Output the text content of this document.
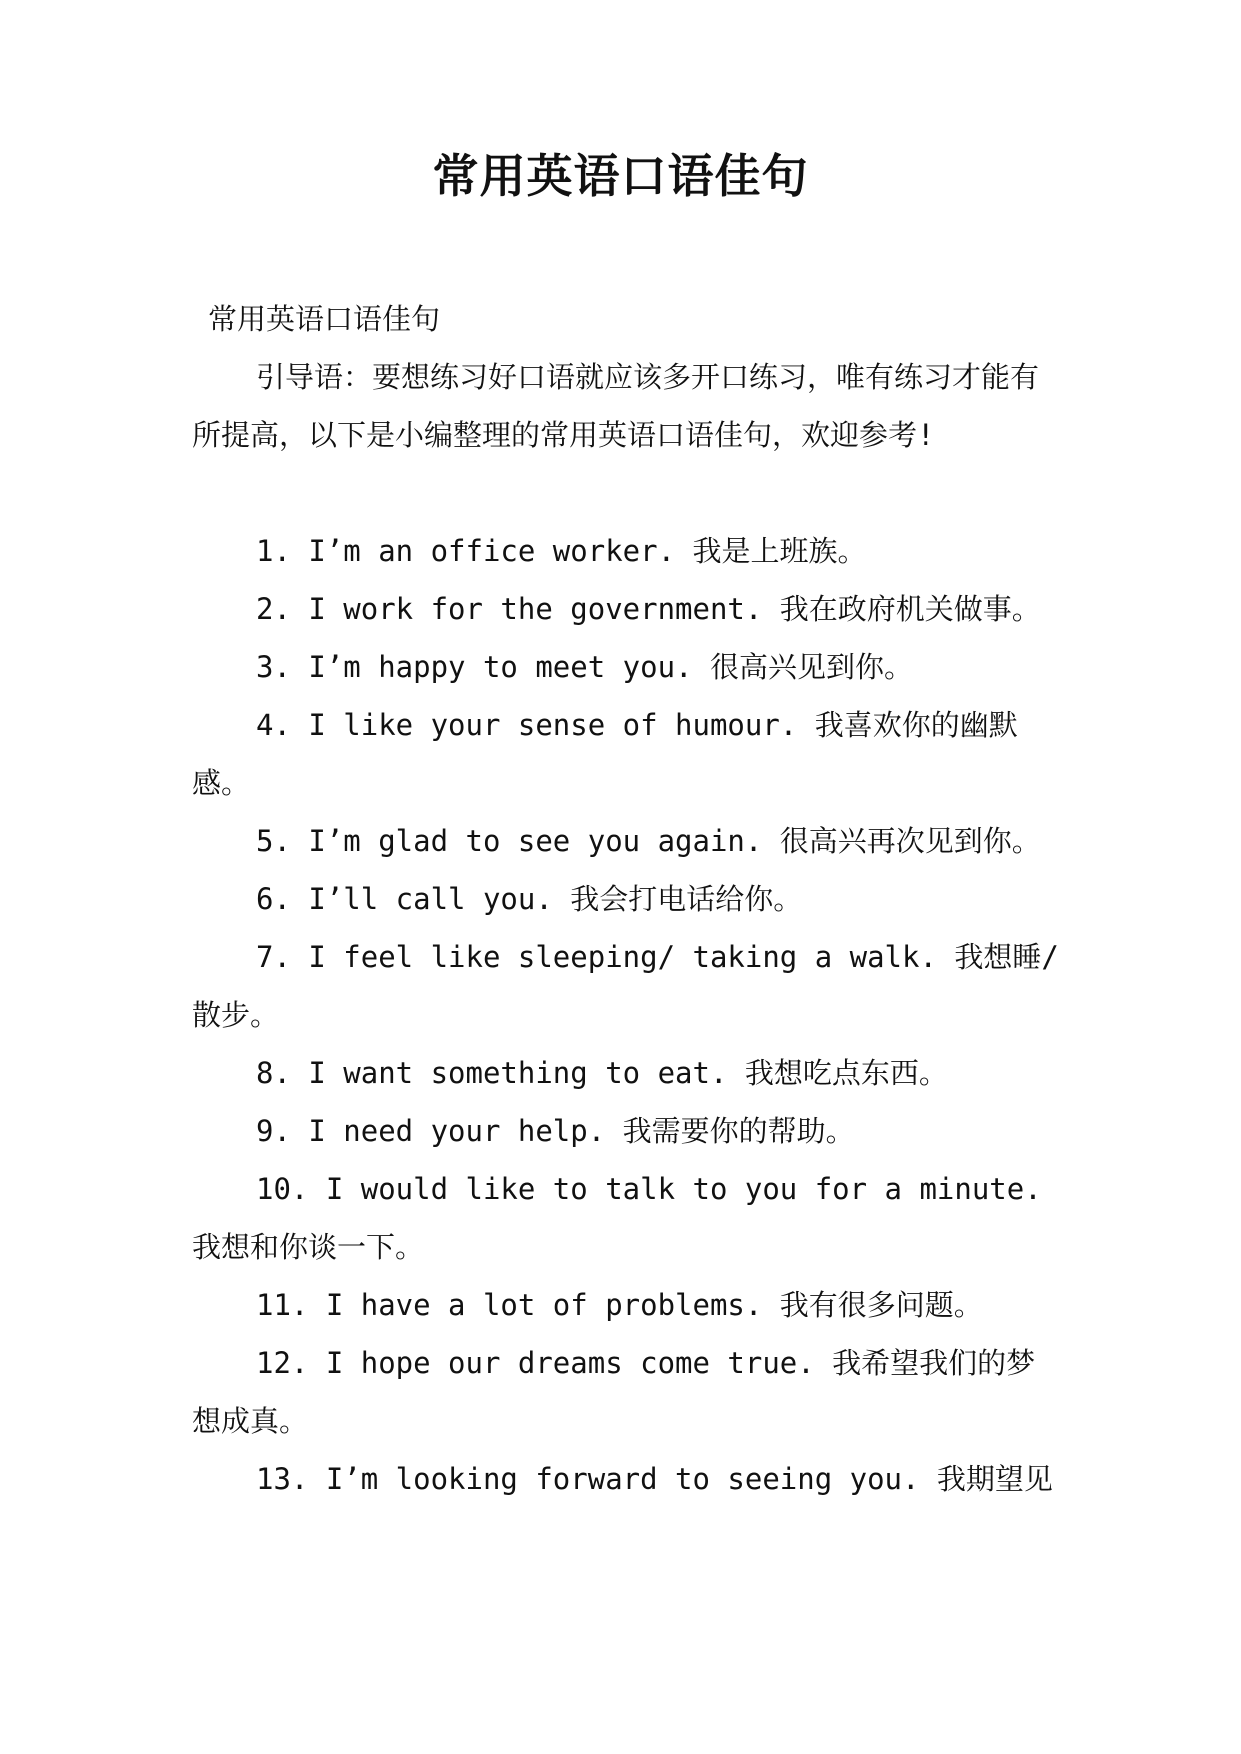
常用英语口语佳句

常用英语口语佳句

引导语：要想练习好口语就应该多开口练习，唯有练习才能有所提高，以下是小编整理的常用英语口语佳句，欢迎参考!

1. I’m an office worker. 我是上班族。

2. I work for the government. 我在政府机关做事。

3. I’m happy to meet you. 很高兴见到你。

4. I like your sense of humour. 我喜欢你的幽默感。

5. I’m glad to see you again. 很高兴再次见到你。

6. I’ll call you. 我会打电话给你。

7. I feel like sleeping/ taking a walk. 我想睡/散步。

8. I want something to eat. 我想吃点东西。

9. I need your help. 我需要你的帮助。

10. I would like to talk to you for a minute. 我想和你谈一下。

11. I have a lot of problems. 我有很多问题。

12. I hope our dreams come true. 我希望我们的梦想成真。

13. I’m looking forward to seeing you. 我期望见
